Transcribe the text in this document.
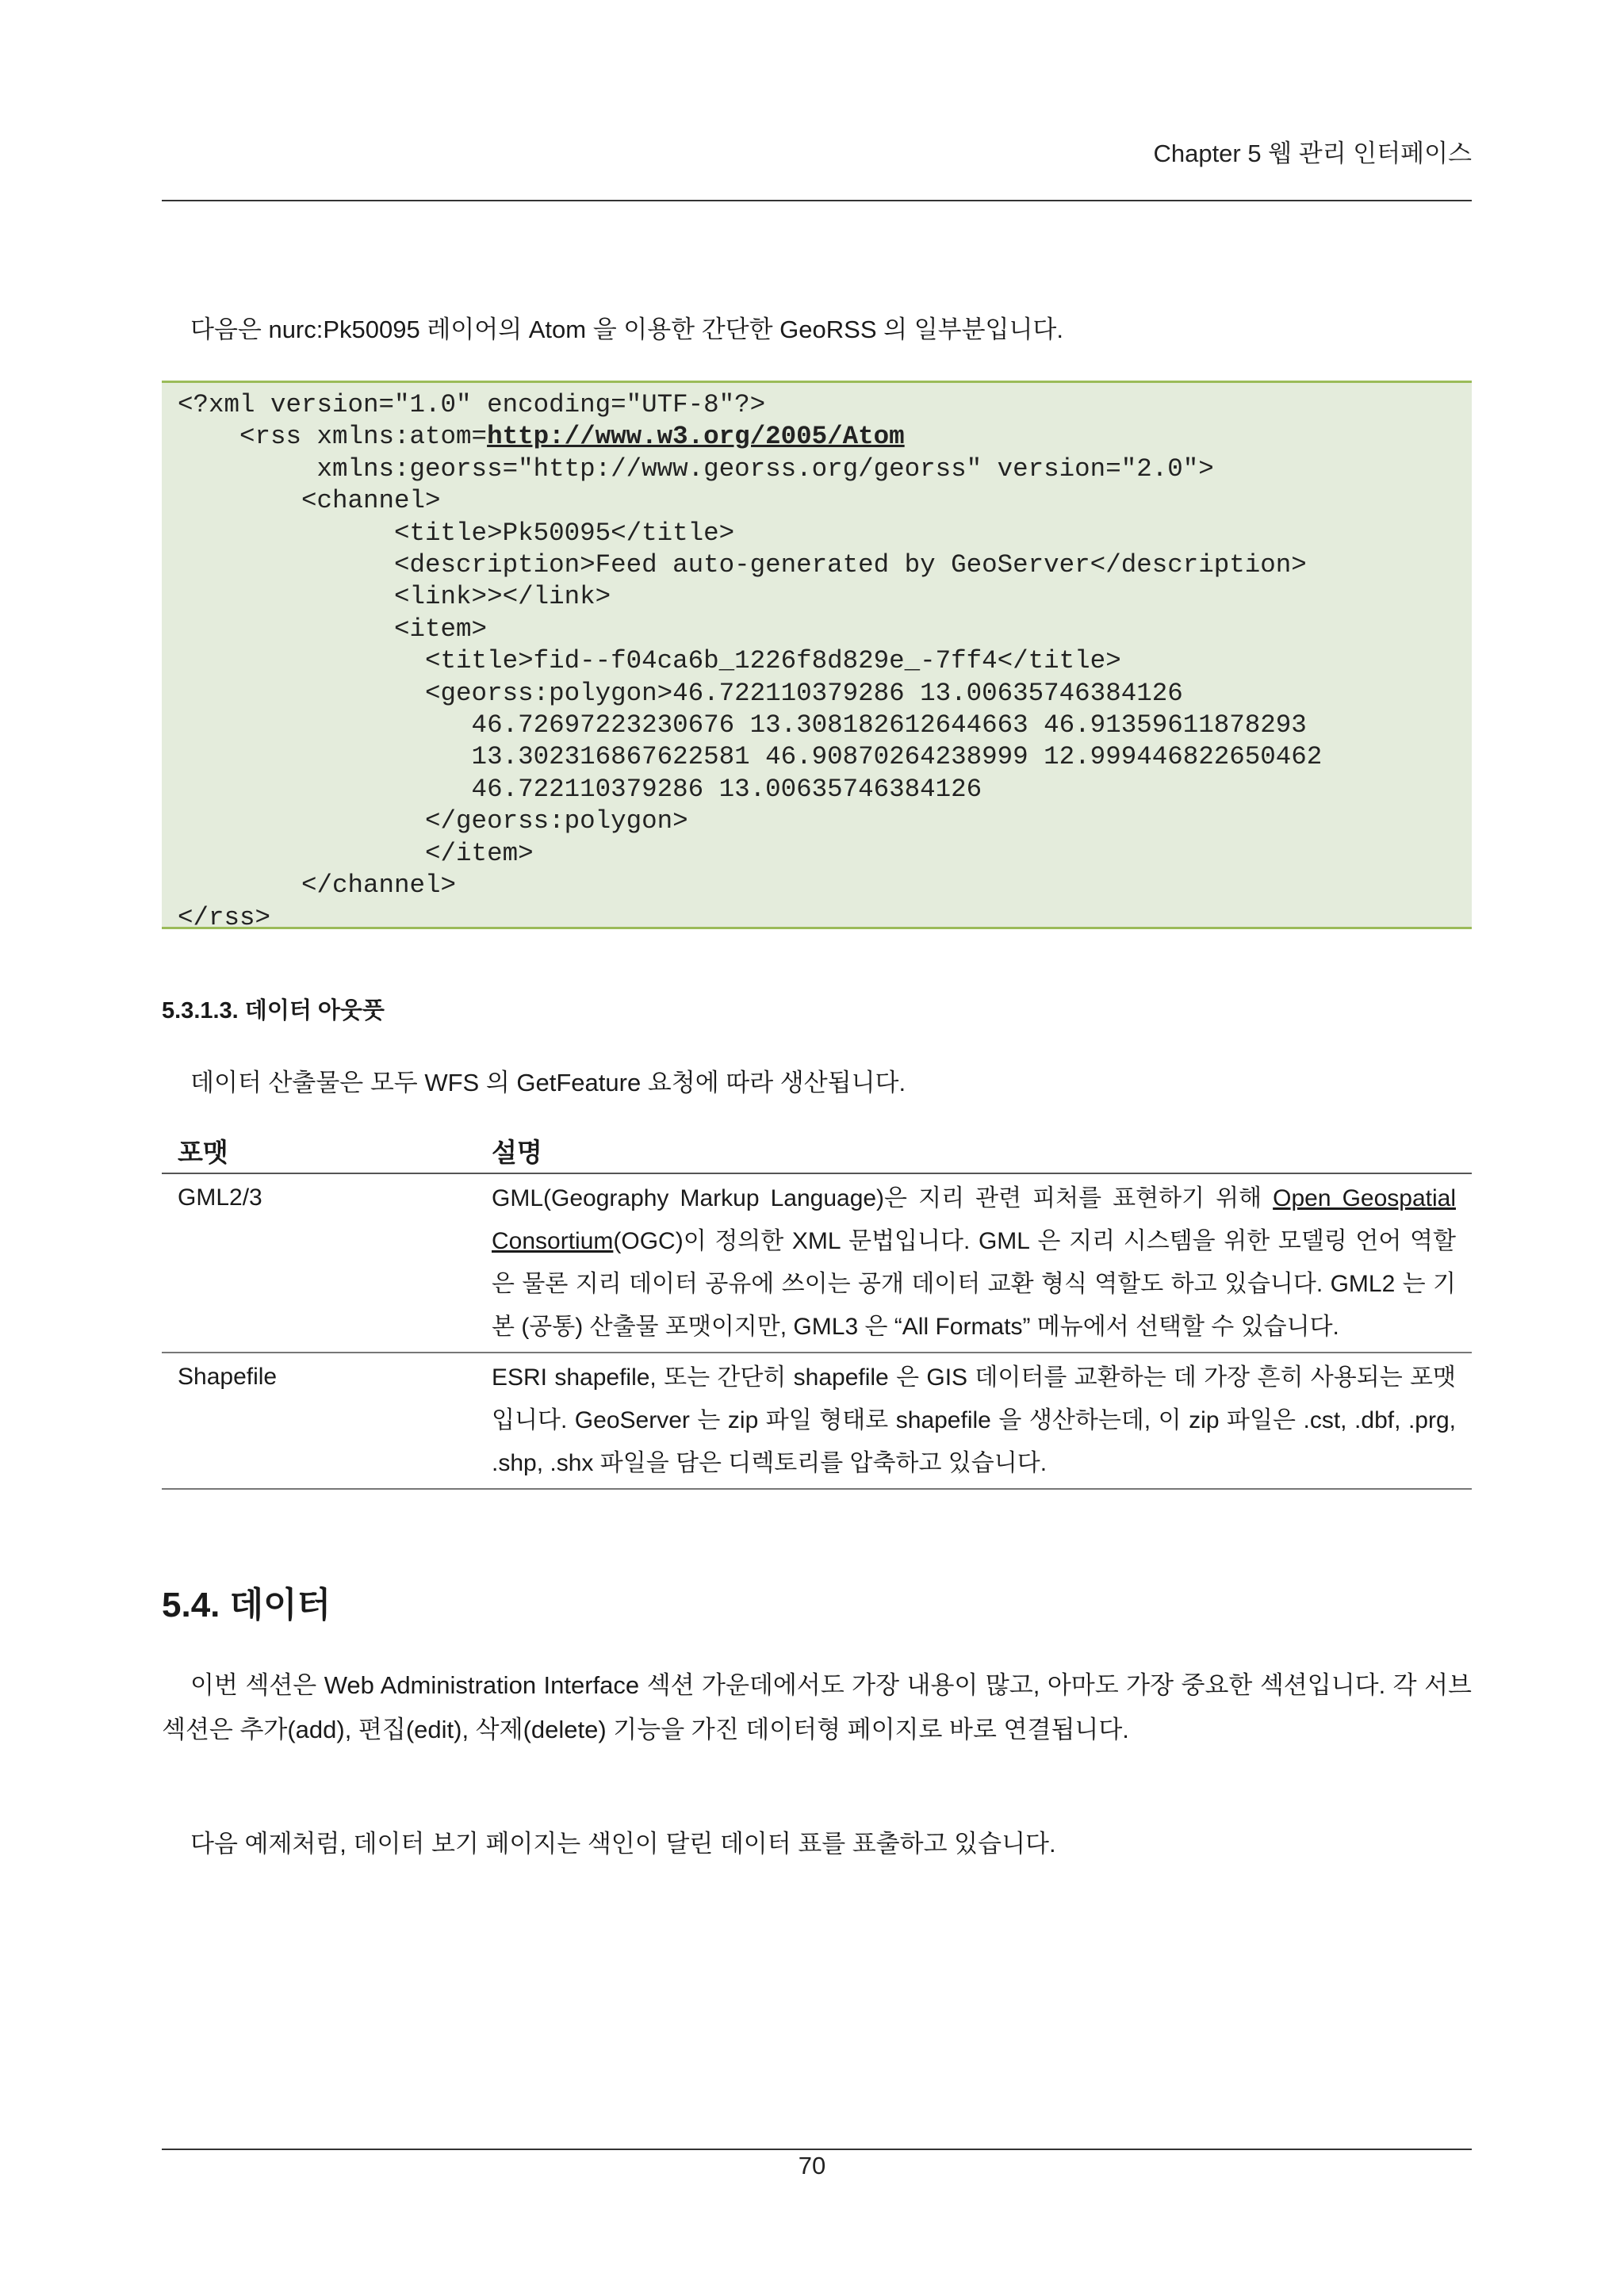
Chapter 5 웹 관리 인터페이스

다음은 nurc:Pk50095 레이어의 Atom 을 이용한 간단한 GeoRSS 의 일부분입니다.

<?xml version="1.0" encoding="UTF-8"?>
<rss xmlns:atom=http://www.w3.org/2005/Atom
xmlns:georss="http://www.georss.org/georss" version="2.0">
<channel>
<title>Pk50095</title>
<description>Feed auto-generated by GeoServer</description>
<link>></link>
<item>
<title>fid--f04ca6b_1226f8d829e_-7ff4</title>
<georss:polygon>46.722110379286 13.00635746384126
46.72697223230676 13.308182612644663 46.91359611878293
13.302316867622581 46.90870264238999 12.999446822650462
46.722110379286 13.00635746384126
</georss:polygon>
</item>
</channel>
</rss>
5.3.1.3. 데이터 아웃풋

데이터 산출물은 모두 WFS 의 GetFeature 요청에 따라 생산됩니다.

포맷	설명
GML2/3	GML(Geography Markup Language)은 지리 관련 피처를 표현하기 위해 Open Geospatial Consortium(OGC)이 정의한 XML 문법입니다. GML 은 지리 시스템을 위한 모델링 언어 역할은 물론 지리 데이터 공유에 쓰이는 공개 데이터 교환 형식 역할도 하고 있습니다. GML2 는 기본 (공통) 산출물 포맷이지만, GML3 은 “All Formats” 메뉴에서 선택할 수 있습니다.
Shapefile	ESRI shapefile, 또는 간단히 shapefile 은 GIS 데이터를 교환하는 데 가장 흔히 사용되는 포맷입니다. GeoServer 는 zip 파일 형태로 shapefile 을 생산하는데, 이 zip 파일은 .cst, .dbf, .prg, .shp, .shx 파일을 담은 디렉토리를 압축하고 있습니다.
5.4. 데이터

이번 섹션은 Web Administration Interface 섹션 가운데에서도 가장 내용이 많고, 아마도 가장 중요한 섹션입니다. 각 서브섹션은 추가(add), 편집(edit), 삭제(delete) 기능을 가진 데이터형 페이지로 바로 연결됩니다.

다음 예제처럼, 데이터 보기 페이지는 색인이 달린 데이터 표를 표출하고 있습니다.

70
